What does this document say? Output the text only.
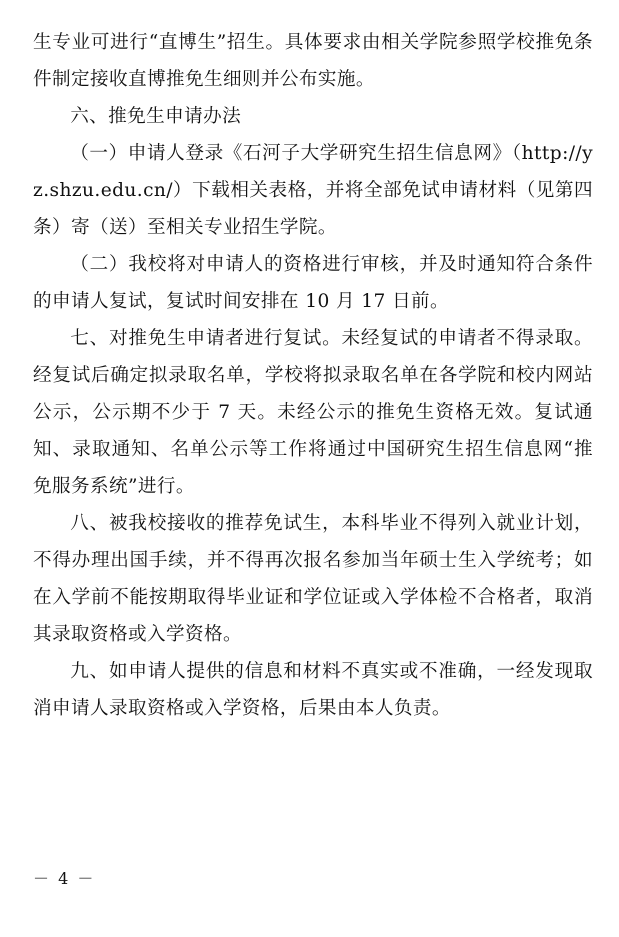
生专业可进行“直博生”招生。具体要求由相关学院参照学校推免条件制定接收直博推免生细则并公布实施。

六、推免生申请办法

（一）申请人登录《石河子大学研究生招生信息网》（http://yz.shzu.edu.cn/）下载相关表格，并将全部免试申请材料（见第四条）寄（送）至相关专业招生学院。

（二）我校将对申请人的资格进行审核，并及时通知符合条件的申请人复试，复试时间安排在 10 月 17 日前。

七、对推免生申请者进行复试。未经复试的申请者不得录取。经复试后确定拟录取名单，学校将拟录取名单在各学院和校内网站公示，公示期不少于 7 天。未经公示的推免生资格无效。复试通知、录取通知、名单公示等工作将通过中国研究生招生信息网“推免服务系统”进行。

八、被我校接收的推荐免试生，本科毕业不得列入就业计划，不得办理出国手续，并不得再次报名参加当年硕士生入学统考；如在入学前不能按期取得毕业证和学位证或入学体检不合格者，取消其录取资格或入学资格。

九、如申请人提供的信息和材料不真实或不准确，一经发现取消申请人录取资格或入学资格，后果由本人负责。

－ 4 －
